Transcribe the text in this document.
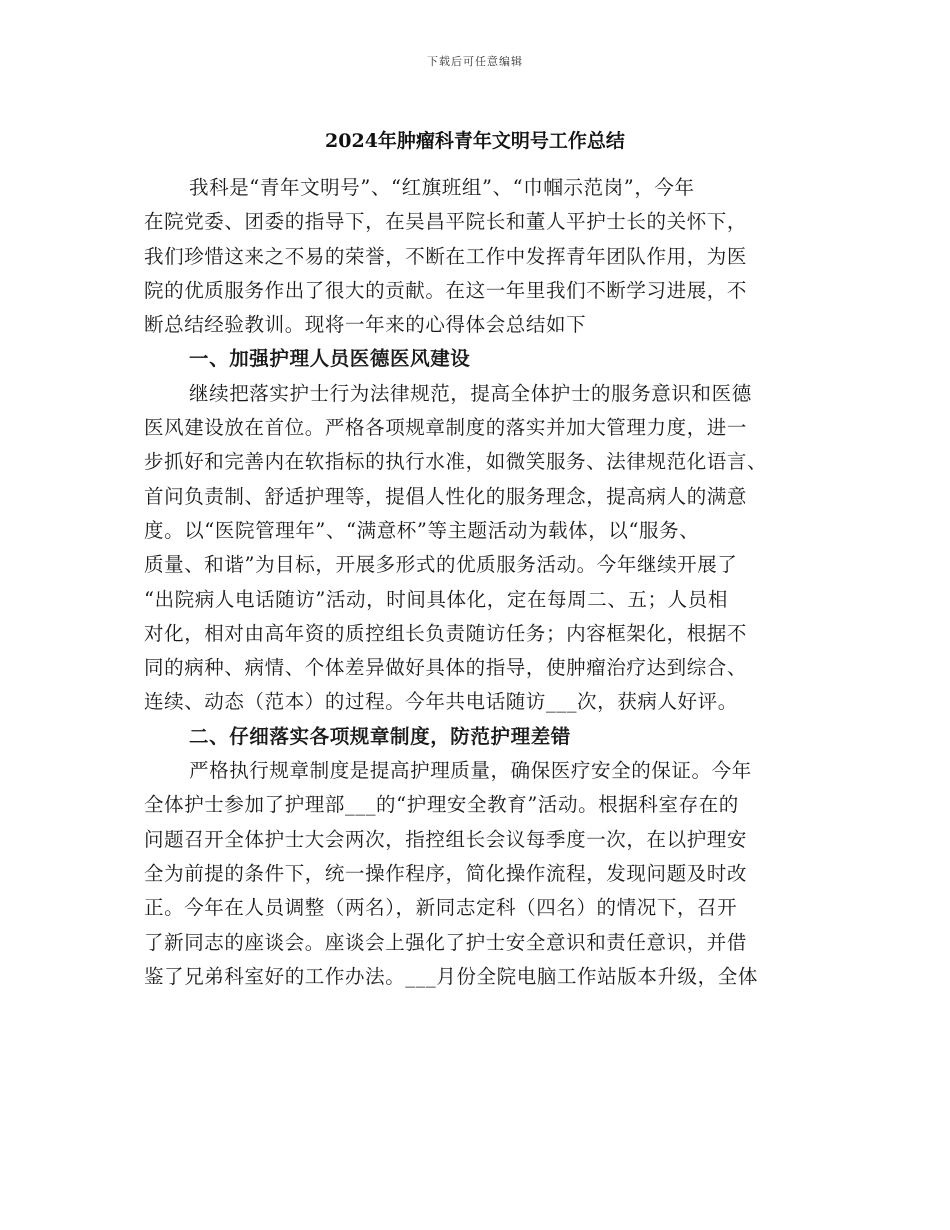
下载后可任意编辑
2024年肿瘤科青年文明号工作总结
我科是“青年文明号”、“红旗班组”、“巾帼示范岗”，今年
在院党委、团委的指导下，在吴昌平院长和董人平护士长的关怀下，
我们珍惜这来之不易的荣誉，不断在工作中发挥青年团队作用，为医
院的优质服务作出了很大的贡献。在这一年里我们不断学习进展，不
断总结经验教训。现将一年来的心得体会总结如下
一、加强护理人员医德医风建设
继续把落实护士行为法律规范，提高全体护士的服务意识和医德
医风建设放在首位。严格各项规章制度的落实并加大管理力度，进一
步抓好和完善内在软指标的执行水准，如微笑服务、法律规范化语言、
首问负责制、舒适护理等，提倡人性化的服务理念，提高病人的满意
度。以“医院管理年”、“满意杯”等主题活动为载体，以“服务、
质量、和谐”为目标，开展多形式的优质服务活动。今年继续开展了
“出院病人电话随访”活动，时间具体化，定在每周二、五；人员相
对化，相对由高年资的质控组长负责随访任务；内容框架化，根据不
同的病种、病情、个体差异做好具体的指导，使肿瘤治疗达到综合、
连续、动态（范本）的过程。今年共电话随访___次，获病人好评。
二、仔细落实各项规章制度，防范护理差错
严格执行规章制度是提高护理质量，确保医疗安全的保证。今年
全体护士参加了护理部___的“护理安全教育”活动。根据科室存在的
问题召开全体护士大会两次，指控组长会议每季度一次，在以护理安
全为前提的条件下，统一操作程序，简化操作流程，发现问题及时改
正。今年在人员调整（两名），新同志定科（四名）的情况下，召开
了新同志的座谈会。座谈会上强化了护士安全意识和责任意识，并借
鉴了兄弟科室好的工作办法。___月份全院电脑工作站版本升级，全体
